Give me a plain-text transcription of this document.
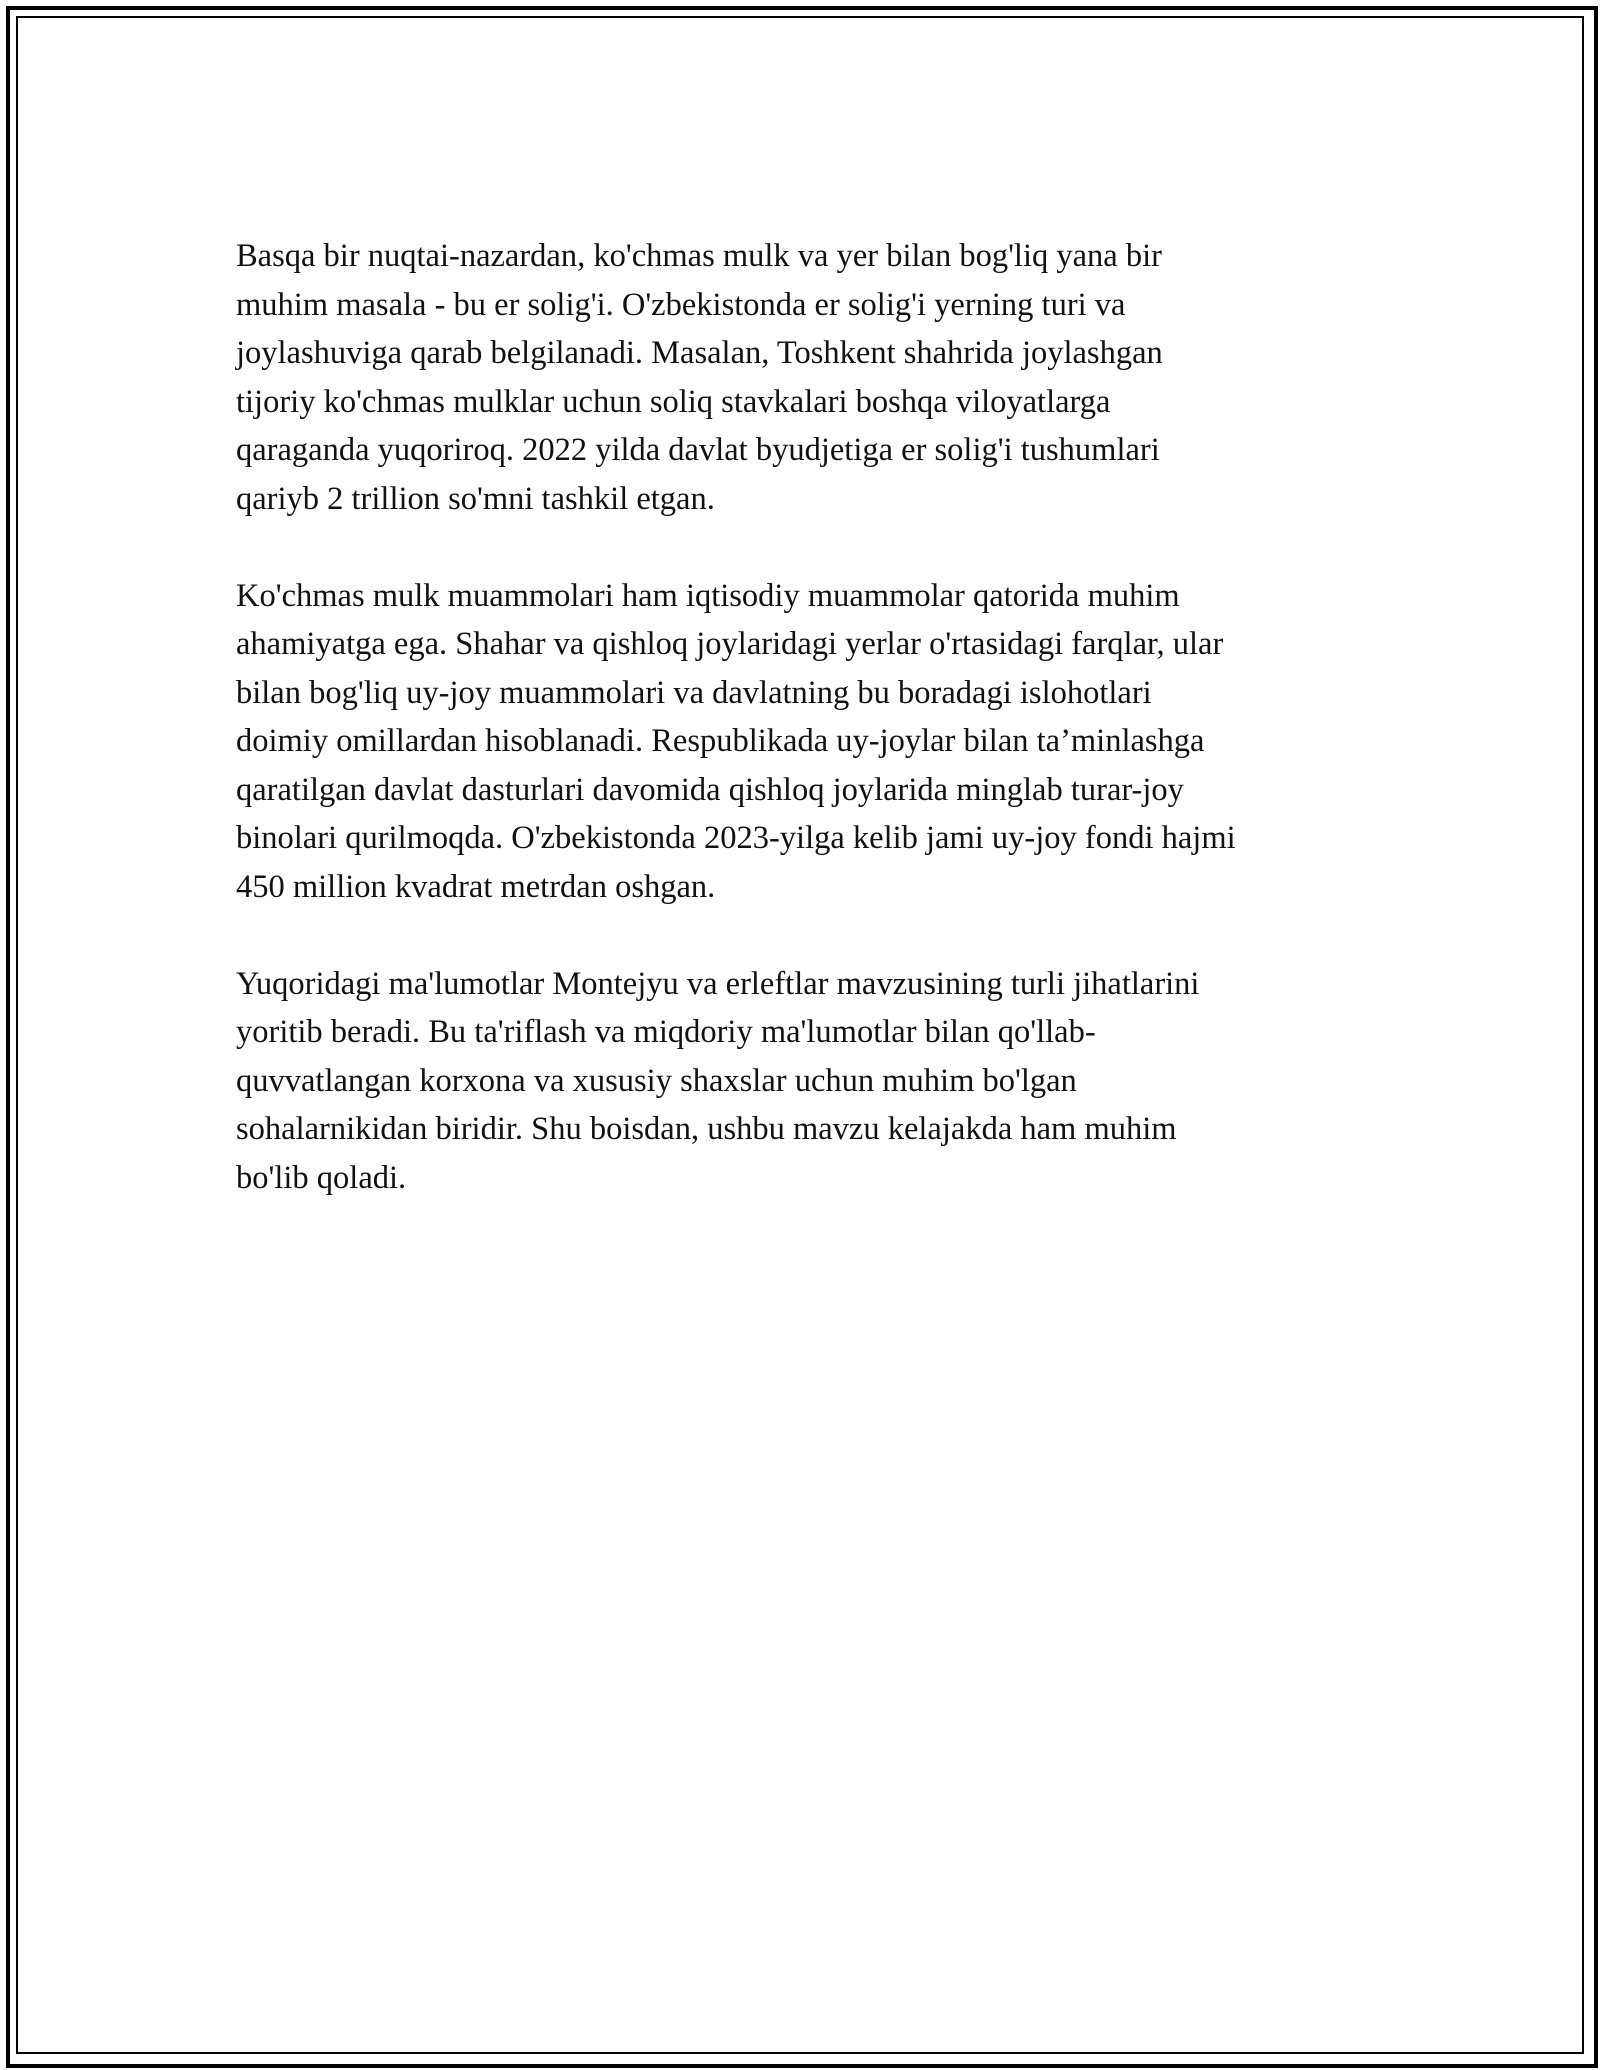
Basqa bir nuqtai-nazardan, ko'chmas mulk va yer bilan bog'liq yana bir
muhim masala - bu er solig'i. O'zbekistonda er solig'i yerning turi va
joylashuviga qarab belgilanadi. Masalan, Toshkent shahrida joylashgan
tijoriy ko'chmas mulklar uchun soliq stavkalari boshqa viloyatlarga
qaraganda yuqoriroq. 2022 yilda davlat byudjetiga er solig'i tushumlari
qariyb 2 trillion so'mni tashkil etgan.

Ko'chmas mulk muammolari ham iqtisodiy muammolar qatorida muhim
ahamiyatga ega. Shahar va qishloq joylaridagi yerlar o'rtasidagi farqlar, ular
bilan bog'liq uy-joy muammolari va davlatning bu boradagi islohotlari
doimiy omillardan hisoblanadi. Respublikada uy-joylar bilan ta’minlashga
qaratilgan davlat dasturlari davomida qishloq joylarida minglab turar-joy
binolari qurilmoqda. O'zbekistonda 2023-yilga kelib jami uy-joy fondi hajmi
450 million kvadrat metrdan oshgan.

Yuqoridagi ma'lumotlar Montejyu va erleftlar mavzusining turli jihatlarini
yoritib beradi. Bu ta'riflash va miqdoriy ma'lumotlar bilan qo'llab-
quvvatlangan korxona va xususiy shaxslar uchun muhim bo'lgan
sohalarnikidan biridir. Shu boisdan, ushbu mavzu kelajakda ham muhim
bo'lib qoladi.
